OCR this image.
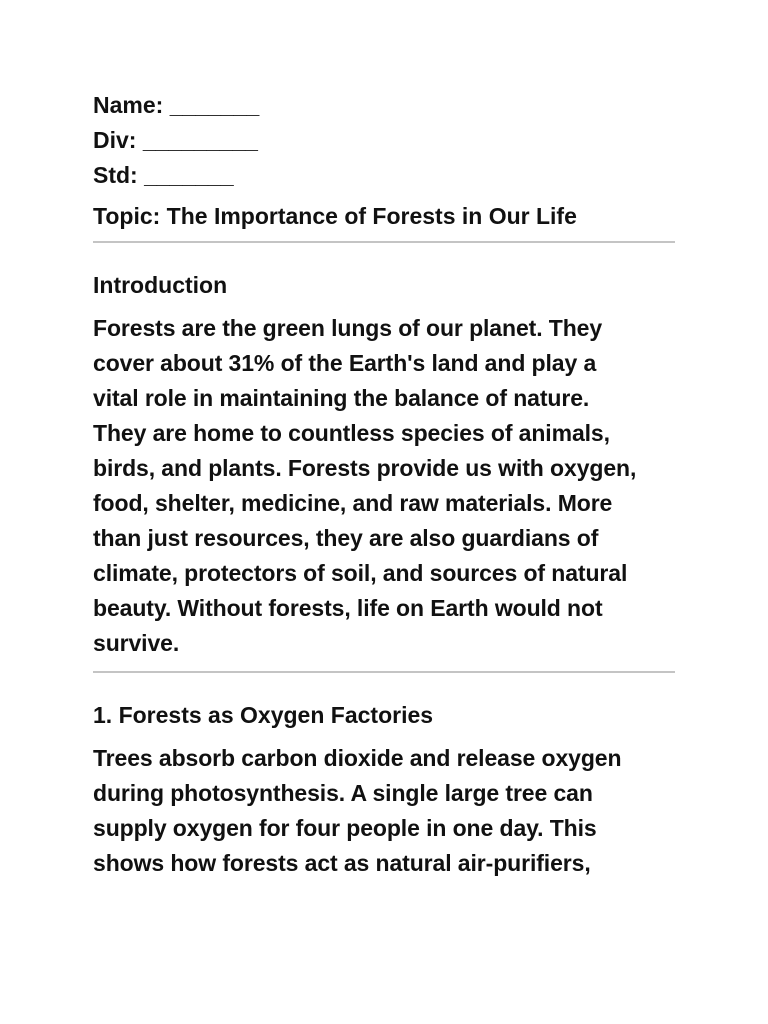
Name: _______
Div: _________
Std: _______
Topic: The Importance of Forests in Our Life
Introduction

Forests are the green lungs of our planet. They

cover about 31% of the Earth's land and play a

vital role in maintaining the balance of nature.

They are home to countless species of animals,

birds, and plants. Forests provide us with oxygen,

food, shelter, medicine, and raw materials. More

than just resources, they are also guardians of

climate, protectors of soil, and sources of natural

beauty. Without forests, life on Earth would not

survive.

1. Forests as Oxygen Factories

Trees absorb carbon dioxide and release oxygen

during photosynthesis. A single large tree can

supply oxygen for four people in one day. This

shows how forests act as natural air-purifiers,
